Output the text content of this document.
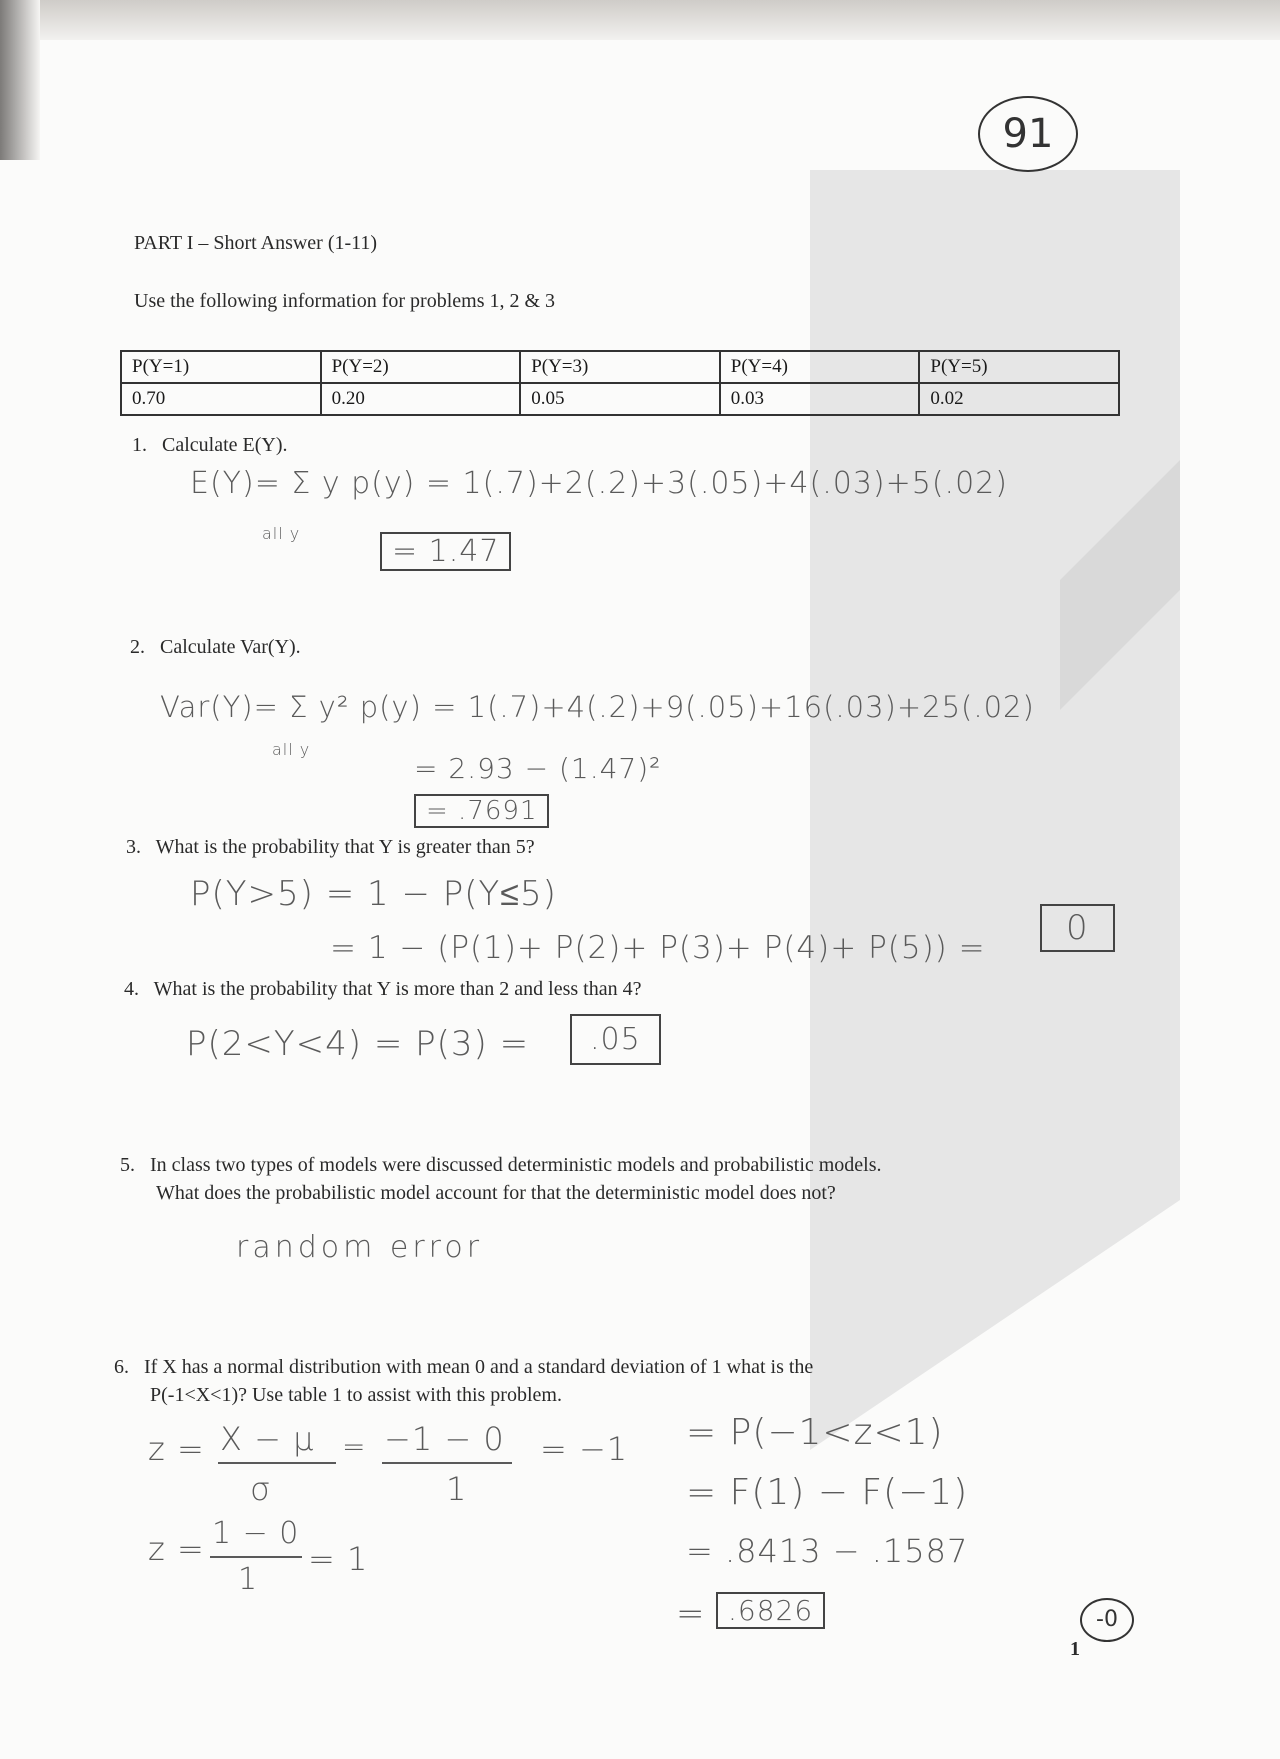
91
PART I – Short Answer (1-11)
Use the following information for problems 1, 2 & 3
P(Y=1)	P(Y=2)	P(Y=3)	P(Y=4)	P(Y=5)
0.70	0.20	0.05	0.03	0.02
1. Calculate E(Y).
E(Y)= Σ y p(y) = 1(.7)+2(.2)+3(.05)+4(.03)+5(.02)
all y
= 1.47
2. Calculate Var(Y).
Var(Y)= Σ y² p(y) = 1(.7)+4(.2)+9(.05)+16(.03)+25(.02)
all y
= 2.93 − (1.47)²
= .7691
3. What is the probability that Y is greater than 5?
P(Y>5) = 1 − P(Y≤5)
= 1 − (P(1)+ P(2)+ P(3)+ P(4)+ P(5)) =	0
4. What is the probability that Y is more than 2 and less than 4?
P(2<Y<4) = P(3) =	.05
5. In class two types of models were discussed deterministic models and probabilistic models.
What does the probabilistic model account for that the deterministic model does not?
random error
6. If X has a normal distribution with mean 0 and a standard deviation of 1 what is the
P(-1<X<1)? Use table 1 to assist with this problem.
z = X − μ
σ
= −1 − 0
1
= −1
z = 1 − 0
1
= 1
= P(−1<z<1)
= F(1) − F(−1)
= .8413 − .1587
= .6826	-0
1
